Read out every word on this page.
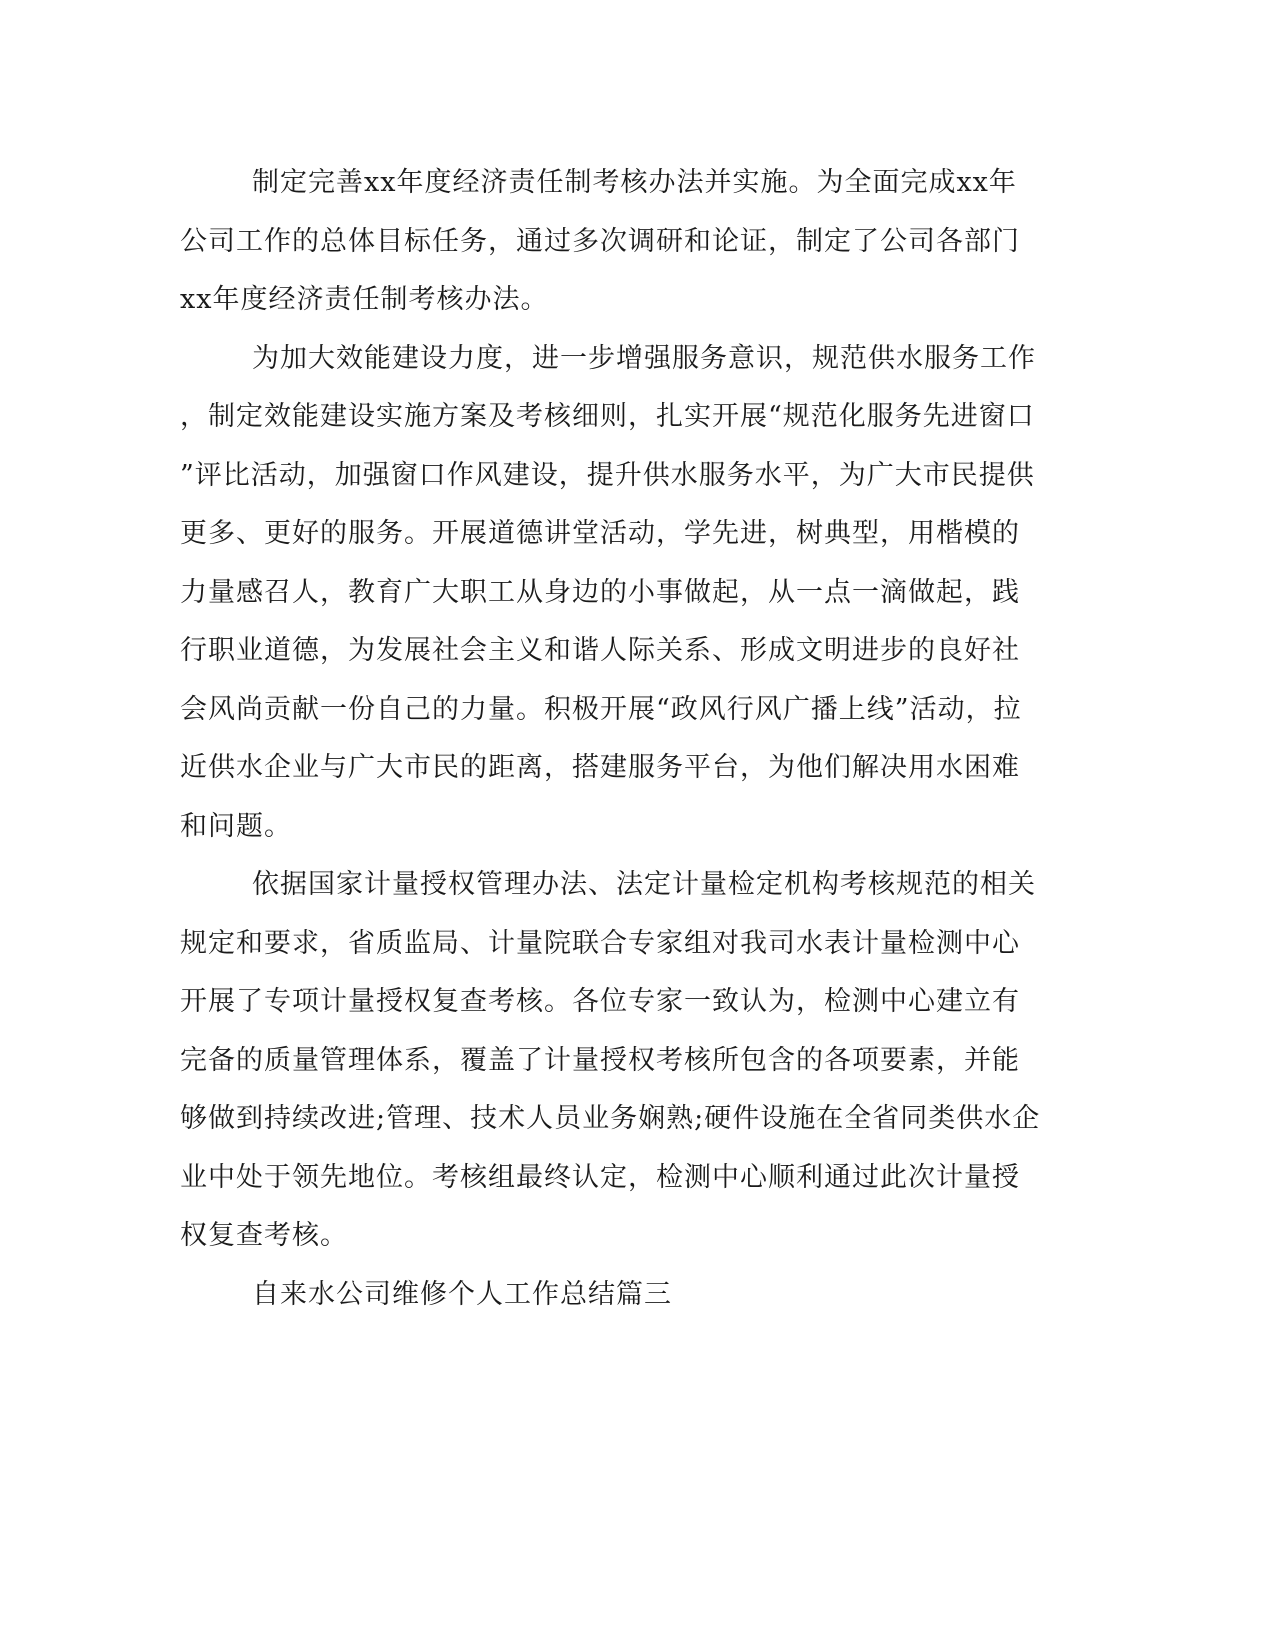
制定完善xx年度经济责任制考核办法并实施。为全面完成xx年
公司工作的总体目标任务，通过多次调研和论证，制定了公司各部门
xx年度经济责任制考核办法。
为加大效能建设力度，进一步增强服务意识，规范供水服务工作
，制定效能建设实施方案及考核细则，扎实开展“规范化服务先进窗口
”评比活动，加强窗口作风建设，提升供水服务水平，为广大市民提供
更多、更好的服务。开展道德讲堂活动，学先进，树典型，用楷模的
力量感召人，教育广大职工从身边的小事做起，从一点一滴做起，践
行职业道德，为发展社会主义和谐人际关系、形成文明进步的良好社
会风尚贡献一份自己的力量。积极开展“政风行风广播上线”活动，拉
近供水企业与广大市民的距离，搭建服务平台，为他们解决用水困难
和问题。
依据国家计量授权管理办法、法定计量检定机构考核规范的相关
规定和要求，省质监局、计量院联合专家组对我司水表计量检测中心
开展了专项计量授权复查考核。各位专家一致认为，检测中心建立有
完备的质量管理体系，覆盖了计量授权考核所包含的各项要素，并能
够做到持续改进;管理、技术人员业务娴熟;硬件设施在全省同类供水企
业中处于领先地位。考核组最终认定，检测中心顺利通过此次计量授
权复查考核。
自来水公司维修个人工作总结篇三
